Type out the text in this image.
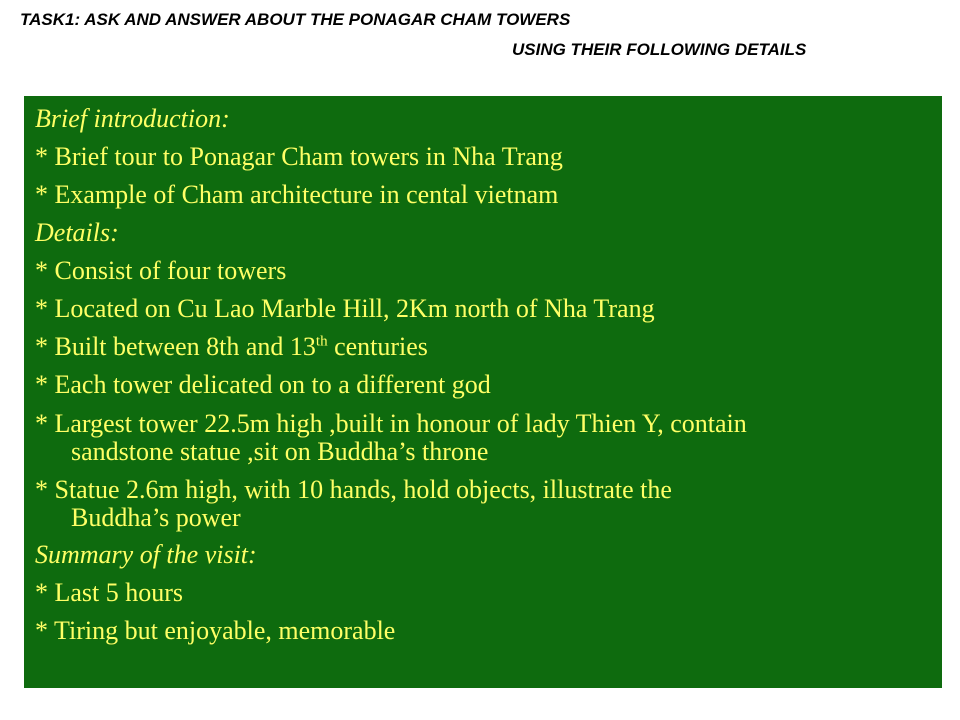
TASK1: ASK AND ANSWER ABOUT THE PONAGAR CHAM TOWERS
USING THEIR FOLLOWING DETAILS

Brief introduction:

* Brief tour to Ponagar Cham towers in Nha Trang

* Example of Cham architecture in cental vietnam

Details:

* Consist of four towers

* Located on Cu Lao Marble Hill, 2Km north of Nha Trang

* Built between 8th and 13th centuries

* Each tower delicated on to a different god

* Largest tower 22.5m high ,built in honour of lady Thien Y, contain
sandstone statue ,sit on Buddha’s throne

* Statue 2.6m high, with 10 hands, hold objects, illustrate the
Buddha’s power

Summary of the visit:

* Last 5 hours

* Tiring but enjoyable, memorable
